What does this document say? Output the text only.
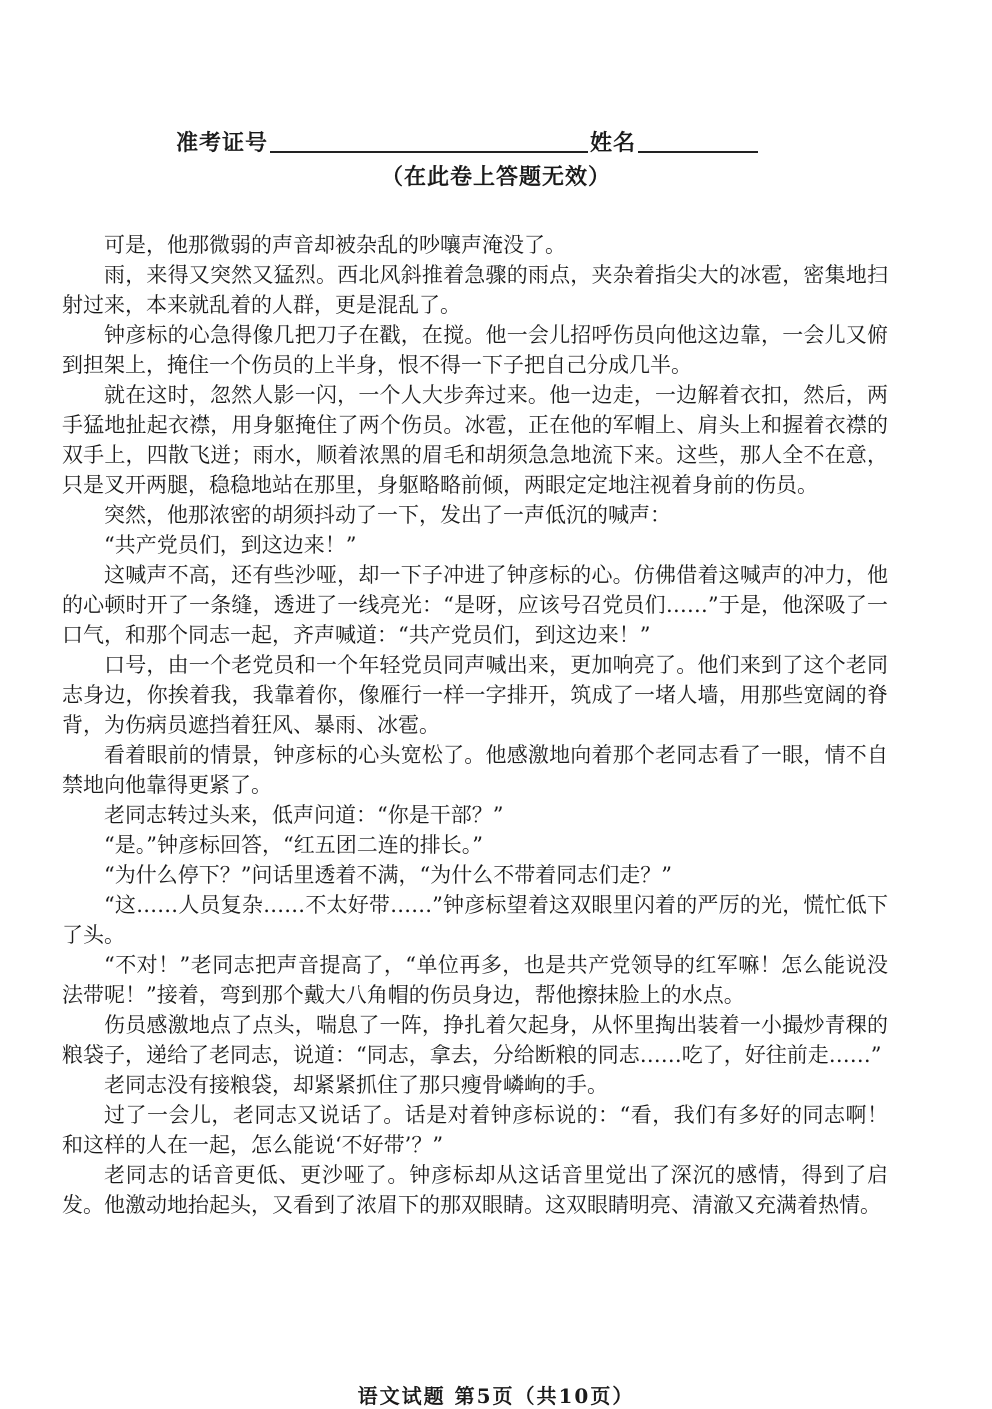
准考证号	姓名
（在此卷上答题无效）

可是，他那微弱的声音却被杂乱的吵嚷声淹没了。

雨，来得又突然又猛烈。西北风斜推着急骤的雨点，夹杂着指尖大的冰雹，密集地扫射过来，本来就乱着的人群，更是混乱了。

钟彦标的心急得像几把刀子在戳，在搅。他一会儿招呼伤员向他这边靠，一会儿又俯到担架上，掩住一个伤员的上半身，恨不得一下子把自己分成几半。

就在这时，忽然人影一闪，一个人大步奔过来。他一边走，一边解着衣扣，然后，两手猛地扯起衣襟，用身躯掩住了两个伤员。冰雹，正在他的军帽上、肩头上和握着衣襟的双手上，四散飞迸；雨水，顺着浓黑的眉毛和胡须急急地流下来。这些，那人全不在意，只是叉开两腿，稳稳地站在那里，身躯略略前倾，两眼定定地注视着身前的伤员。

突然，他那浓密的胡须抖动了一下，发出了一声低沉的喊声：

“共产党员们，到这边来！”

这喊声不高，还有些沙哑，却一下子冲进了钟彦标的心。仿佛借着这喊声的冲力，他的心顿时开了一条缝，透进了一线亮光：“是呀，应该号召党员们……”于是，他深吸了一口气，和那个同志一起，齐声喊道：“共产党员们，到这边来！”

口号，由一个老党员和一个年轻党员同声喊出来，更加响亮了。他们来到了这个老同志身边，你挨着我，我靠着你，像雁行一样一字排开，筑成了一堵人墙，用那些宽阔的脊背，为伤病员遮挡着狂风、暴雨、冰雹。

看着眼前的情景，钟彦标的心头宽松了。他感激地向着那个老同志看了一眼，情不自禁地向他靠得更紧了。

老同志转过头来，低声问道：“你是干部？”

“是。”钟彦标回答，“红五团二连的排长。”

“为什么停下？”问话里透着不满，“为什么不带着同志们走？”

“这……人员复杂……不太好带……”钟彦标望着这双眼里闪着的严厉的光，慌忙低下了头。

“不对！”老同志把声音提高了，“单位再多，也是共产党领导的红军嘛！怎么能说没法带呢！”接着，弯到那个戴大八角帽的伤员身边，帮他擦抹脸上的水点。

伤员感激地点了点头，喘息了一阵，挣扎着欠起身，从怀里掏出装着一小撮炒青稞的粮袋子，递给了老同志，说道：“同志，拿去，分给断粮的同志……吃了，好往前走……”

老同志没有接粮袋，却紧紧抓住了那只瘦骨嶙峋的手。

过了一会儿，老同志又说话了。话是对着钟彦标说的：“看，我们有多好的同志啊！和这样的人在一起，怎么能说‘不好带’？”

老同志的话音更低、更沙哑了。钟彦标却从这话音里觉出了深沉的感情，得到了启发。他激动地抬起头，又看到了浓眉下的那双眼睛。这双眼睛明亮、清澈又充满着热情。

语文试题 第5页（共10页）
